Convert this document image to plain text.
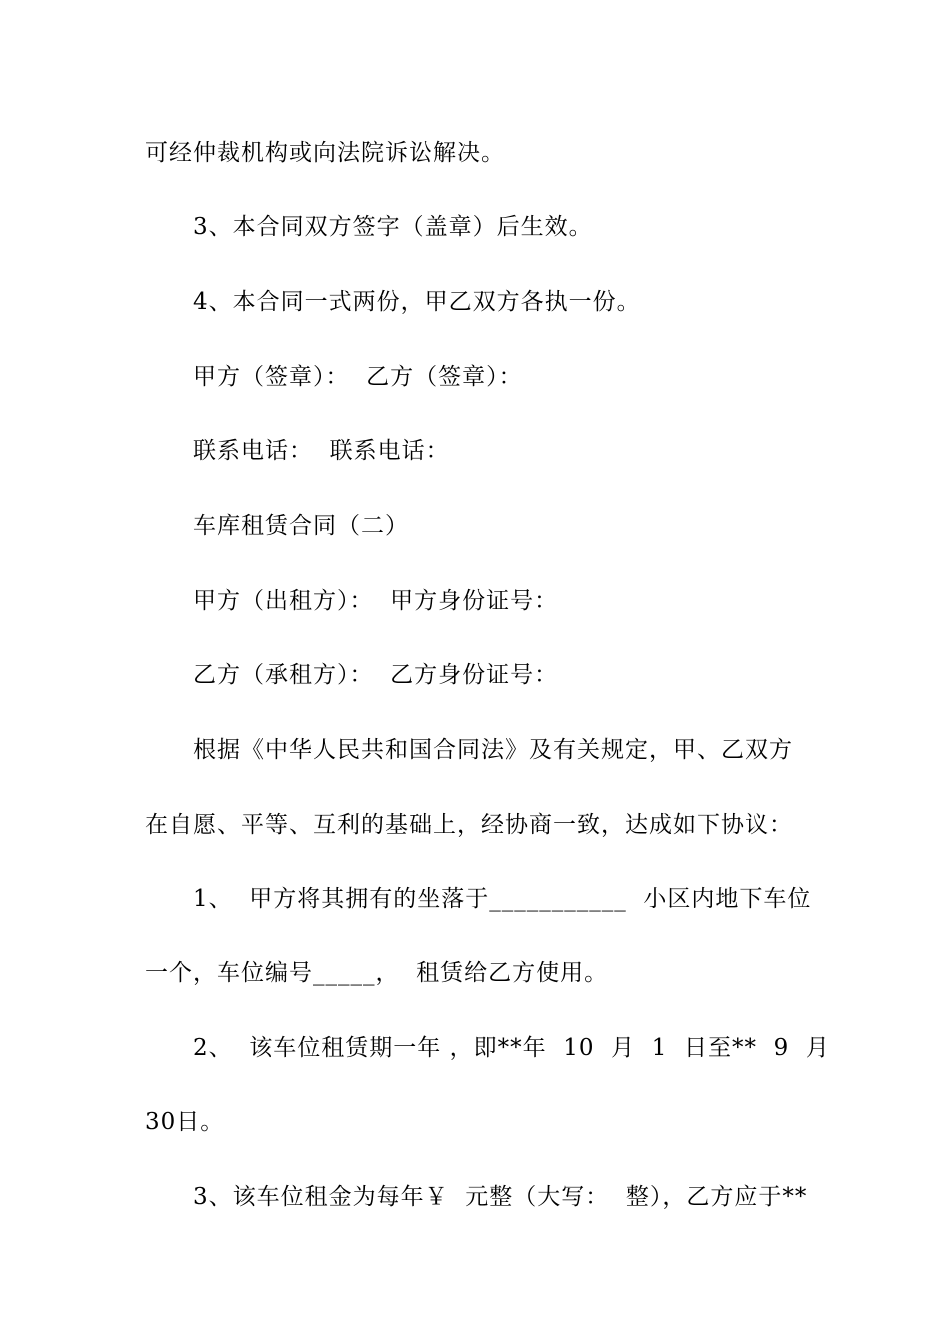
可经仲裁机构或向法院诉讼解决。
3、本合同双方签字（盖章）后生效。
4、本合同一式两份，甲乙双方各执一份。
甲方（签章）：  乙方（签章）：
联系电话：  联系电话：
车库租赁合同（二）
甲方（出租方）：  甲方身份证号：
乙方（承租方）：  乙方身份证号：
根据《中华人民共和国合同法》及有关规定，甲、乙双方
在自愿、平等、互利的基础上，经协商一致，达成如下协议：
1、  甲方将其拥有的坐落于___________  小区内地下车位
一个，车位编号_____，  租赁给乙方使用。
2、  该车位租赁期一年 ，即**年  10  月  1  日至**  9  月
30日。
3、该车位租金为每年￥  元整（大写：  整），乙方应于**
